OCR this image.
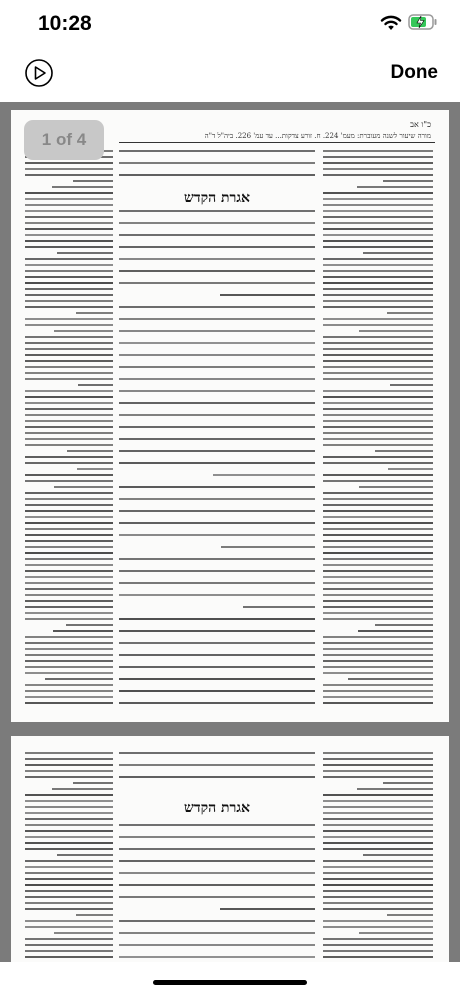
10:28
Done
1 of 4
כ"ו אב
מורה שיעור לשנה מעוברת: מעמ' 224. ח. זורע צדקות... עד עמ' 226. ביה"ל ד"ה
אגרת הקדש
אגרת הקדש
